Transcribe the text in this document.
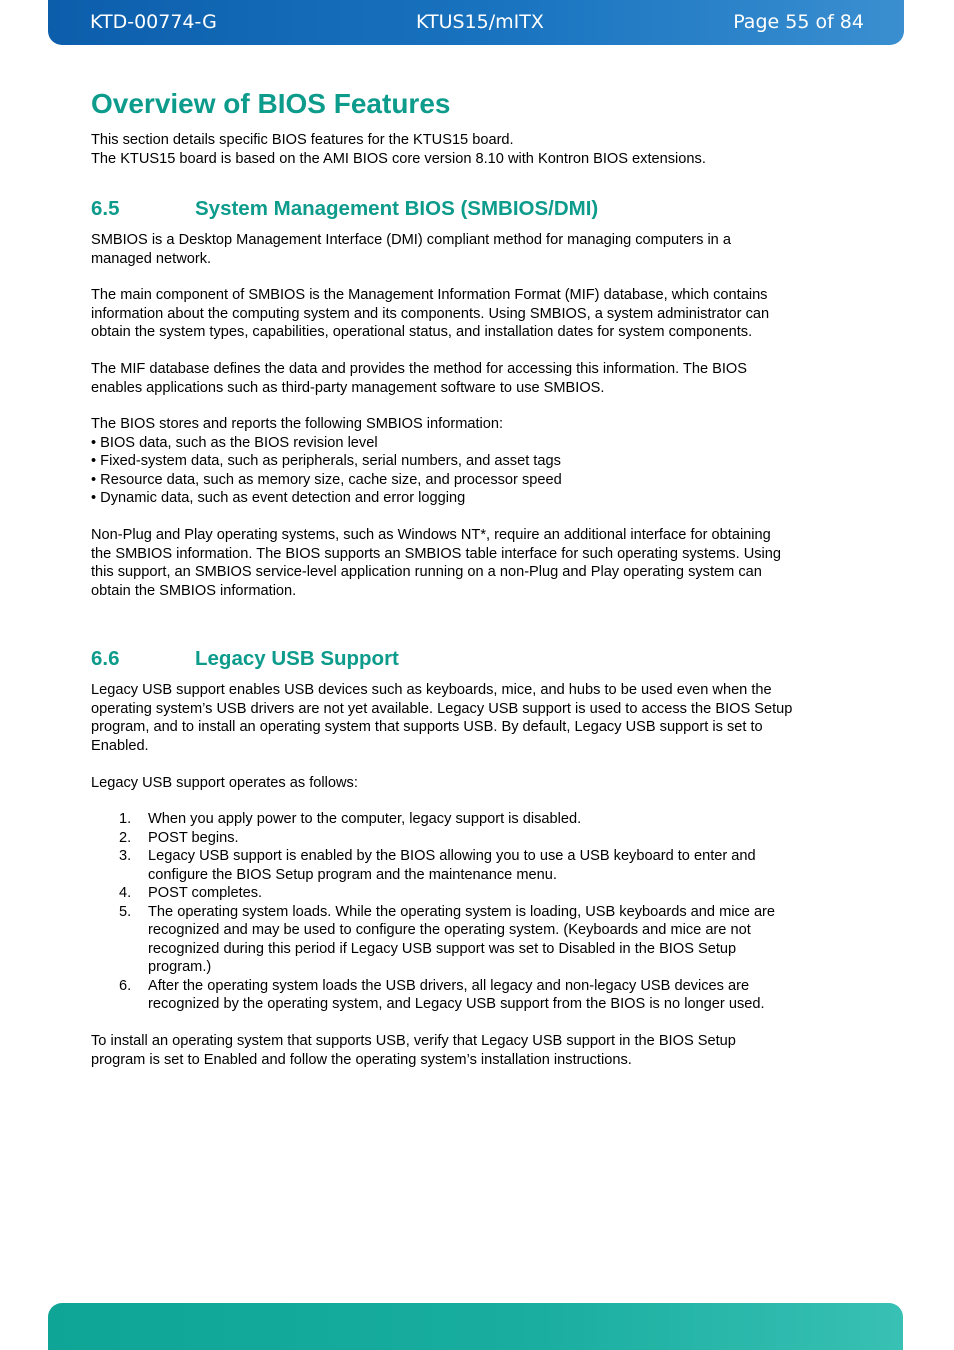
KTD-00774-G	KTUS15/mITX	Page 55 of 84
Overview of BIOS Features
This section details specific BIOS features for the KTUS15 board.
The KTUS15 board is based on the AMI BIOS core version 8.10 with Kontron BIOS extensions.
6.5	System Management BIOS (SMBIOS/DMI)
SMBIOS is a Desktop Management Interface (DMI) compliant method for managing computers in a
managed network.
The main component of SMBIOS is the Management Information Format (MIF) database, which contains
information about the computing system and its components. Using SMBIOS, a system administrator can
obtain the system types, capabilities, operational status, and installation dates for system components.
The MIF database defines the data and provides the method for accessing this information. The BIOS
enables applications such as third-party management software to use SMBIOS.
The BIOS stores and reports the following SMBIOS information:
• BIOS data, such as the BIOS revision level
• Fixed-system data, such as peripherals, serial numbers, and asset tags
• Resource data, such as memory size, cache size, and processor speed
• Dynamic data, such as event detection and error logging
Non-Plug and Play operating systems, such as Windows NT*, require an additional interface for obtaining
the SMBIOS information. The BIOS supports an SMBIOS table interface for such operating systems. Using
this support, an SMBIOS service-level application running on a non-Plug and Play operating system can
obtain the SMBIOS information.
6.6	Legacy USB Support
Legacy USB support enables USB devices such as keyboards, mice, and hubs to be used even when the
operating system’s USB drivers are not yet available. Legacy USB support is used to access the BIOS Setup
program, and to install an operating system that supports USB. By default, Legacy USB support is set to
Enabled.
Legacy USB support operates as follows:
1. When you apply power to the computer, legacy support is disabled.
2. POST begins.
3. Legacy USB support is enabled by the BIOS allowing you to use a USB keyboard to enter and
configure the BIOS Setup program and the maintenance menu.
4. POST completes.
5. The operating system loads. While the operating system is loading, USB keyboards and mice are
recognized and may be used to configure the operating system. (Keyboards and mice are not
recognized during this period if Legacy USB support was set to Disabled in the BIOS Setup
program.)
6. After the operating system loads the USB drivers, all legacy and non-legacy USB devices are
recognized by the operating system, and Legacy USB support from the BIOS is no longer used.
To install an operating system that supports USB, verify that Legacy USB support in the BIOS Setup
program is set to Enabled and follow the operating system’s installation instructions.
